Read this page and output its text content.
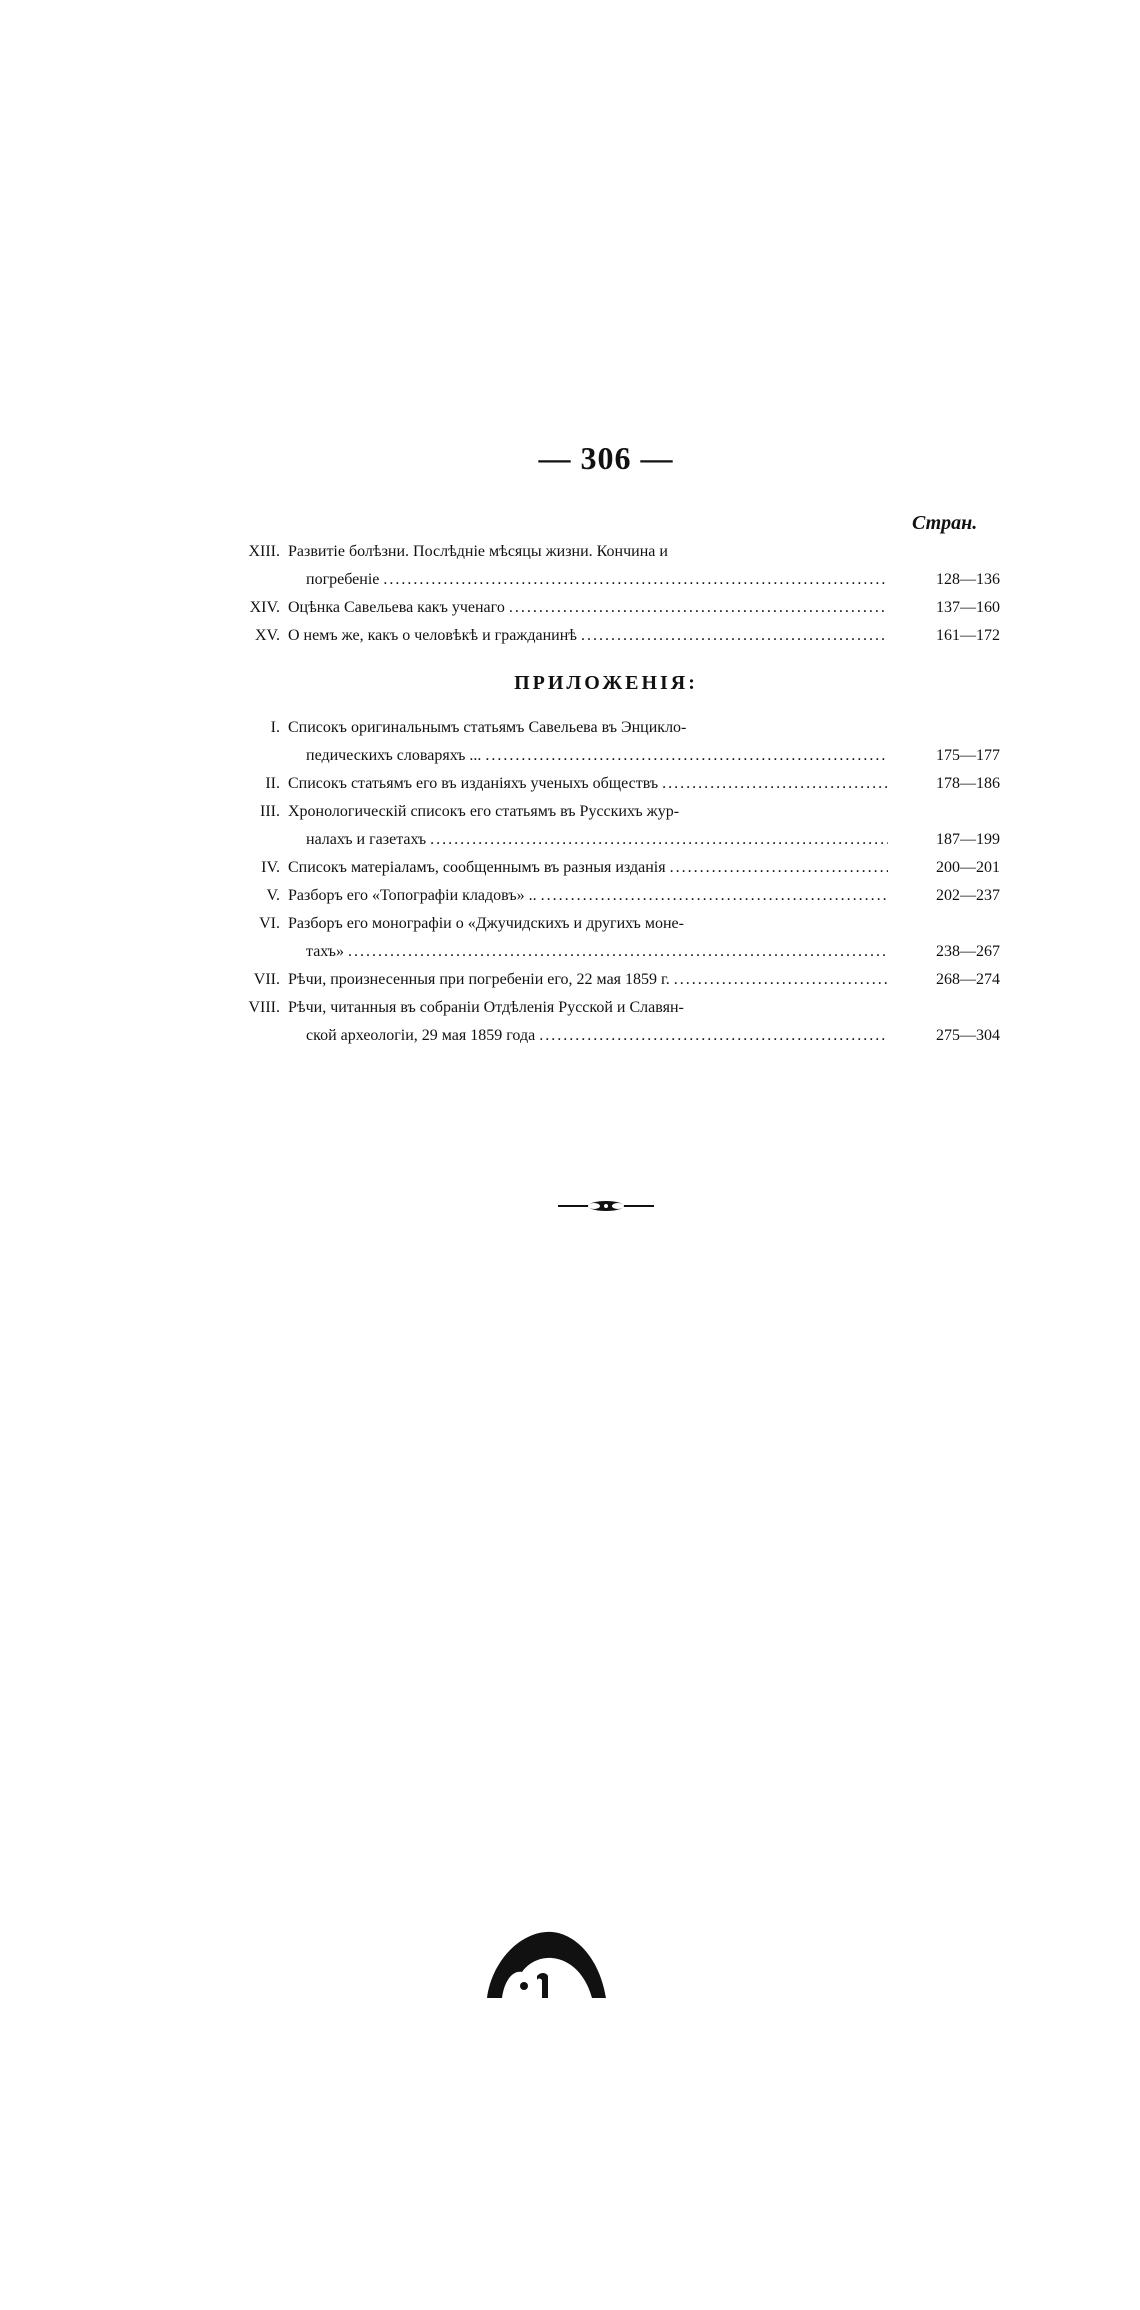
— 306 —
Стран.
XIII. Развитіе болѣзни. Послѣдніе мѣсяцы жизни. Кончина и
погребеніе .....	128—136
XIV. Оцѣнка Савельева какъ ученаго .....	137—160
XV. О немъ же, какъ о человѣкѣ и гражданинѣ .....	161—172
ПРИЛОЖЕНІЯ:
I. Списокъ оригинальнымъ статьямъ Савельева въ Энцикло-
педическихъ словаряхъ ... .....	175—177
II. Списокъ статьямъ его въ изданіяхъ ученыхъ обществъ .....	178—186
III. Хронологическій списокъ его статьямъ въ Русскихъ жур-
налахъ и газетахъ .....	187—199
IV. Списокъ матеріаламъ, сообщеннымъ въ разныя изданія .....	200—201
V. Разборъ его «Топографіи кладовъ» .. .....	202—237
VI. Разборъ его монографіи о «Джучидскихъ и другихъ моне-
тахъ» .....	238—267
VII. Рѣчи, произнесенныя при погребеніи его, 22 мая 1859 г. .....	268—274
VIII. Рѣчи, читанныя въ собраніи Отдѣленія Русской и Славян-
ской археологіи, 29 мая 1859 года .....	275—304
